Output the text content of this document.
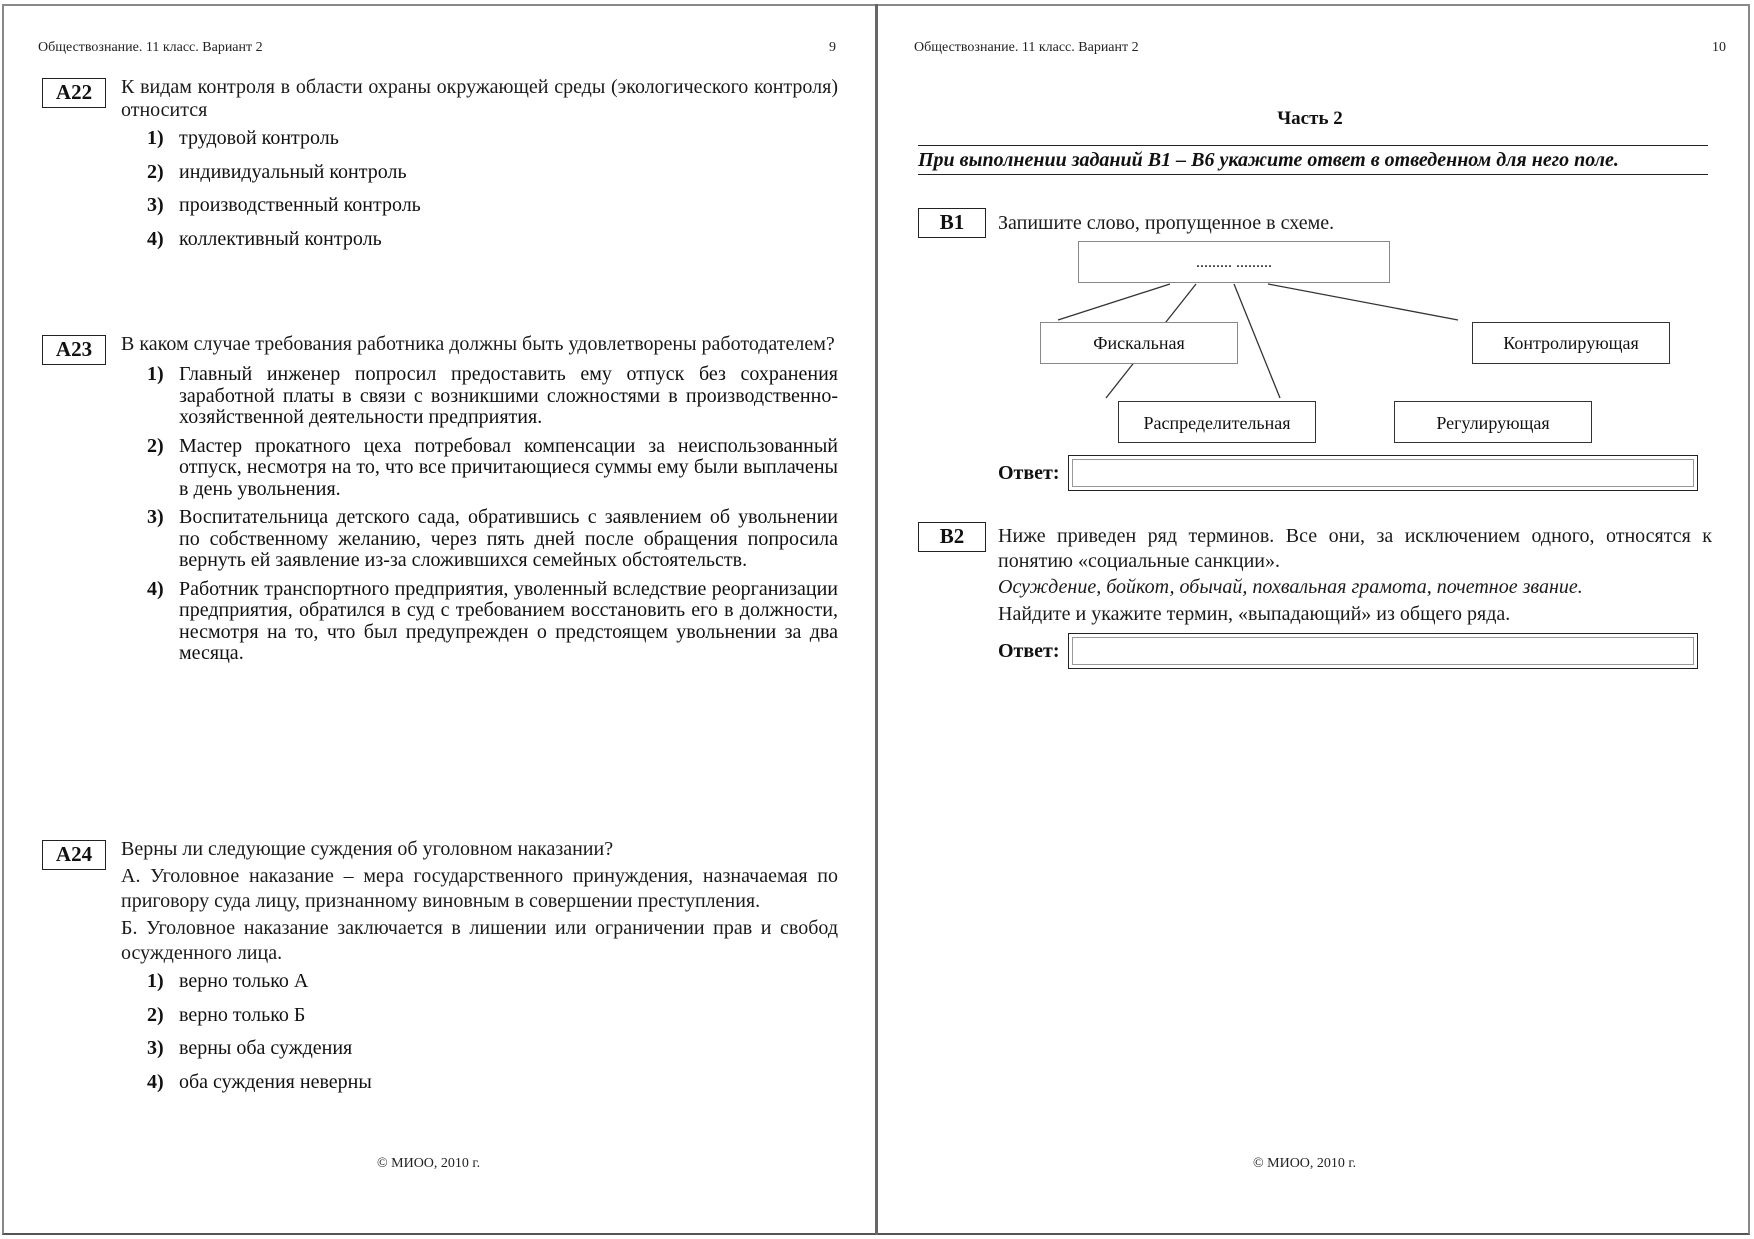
Обществознание. 11 класс. Вариант 2	9
A22	К видам контроля в области охраны окружающей среды (экологического контроля) относится
1) трудовой контроль
2) индивидуальный контроль
3) производственный контроль
4) коллективный контроль
A23	В каком случае требования работника должны быть удовлетворены работодателем?
1) Главный инженер попросил предоставить ему отпуск без сохранения заработной платы в связи с возникшими сложностями в производственно-хозяйственной деятельности предприятия.
2) Мастер прокатного цеха потребовал компенсации за неиспользованный отпуск, несмотря на то, что все причитающиеся суммы ему были выплачены в день увольнения.
3) Воспитательница детского сада, обратившись с заявлением об увольнении по собственному желанию, через пять дней после обращения попросила вернуть ей заявление из-за сложившихся семейных обстоятельств.
4) Работник транспортного предприятия, уволенный вследствие реорганизации предприятия, обратился в суд с требованием восстановить его в должности, несмотря на то, что был предупрежден о предстоящем увольнении за два месяца.
A24	Верны ли следующие суждения об уголовном наказании?
А. Уголовное наказание – мера государственного принуждения, назначаемая по приговору суда лицу, признанному виновным в совершении преступления.
Б. Уголовное наказание заключается в лишении или ограничении прав и свобод осужденного лица.
1) верно только А
2) верно только Б
3) верны оба суждения
4) оба суждения неверны
© МИОО, 2010 г.
Обществознание. 11 класс. Вариант 2	10
Часть 2
При выполнении заданий В1 – В6 укажите ответ в отведенном для него поле.
В1	Запишите слово, пропущенное в схеме.
......... .........
Фискальная	Контролирующая
Распределительная	Регулирующая
Ответ:
В2	Ниже приведен ряд терминов. Все они, за исключением одного, относятся к понятию «социальные санкции».
Осуждение, бойкот, обычай, похвальная грамота, почетное звание.
Найдите и укажите термин, «выпадающий» из общего ряда.
Ответ:
© МИОО, 2010 г.
